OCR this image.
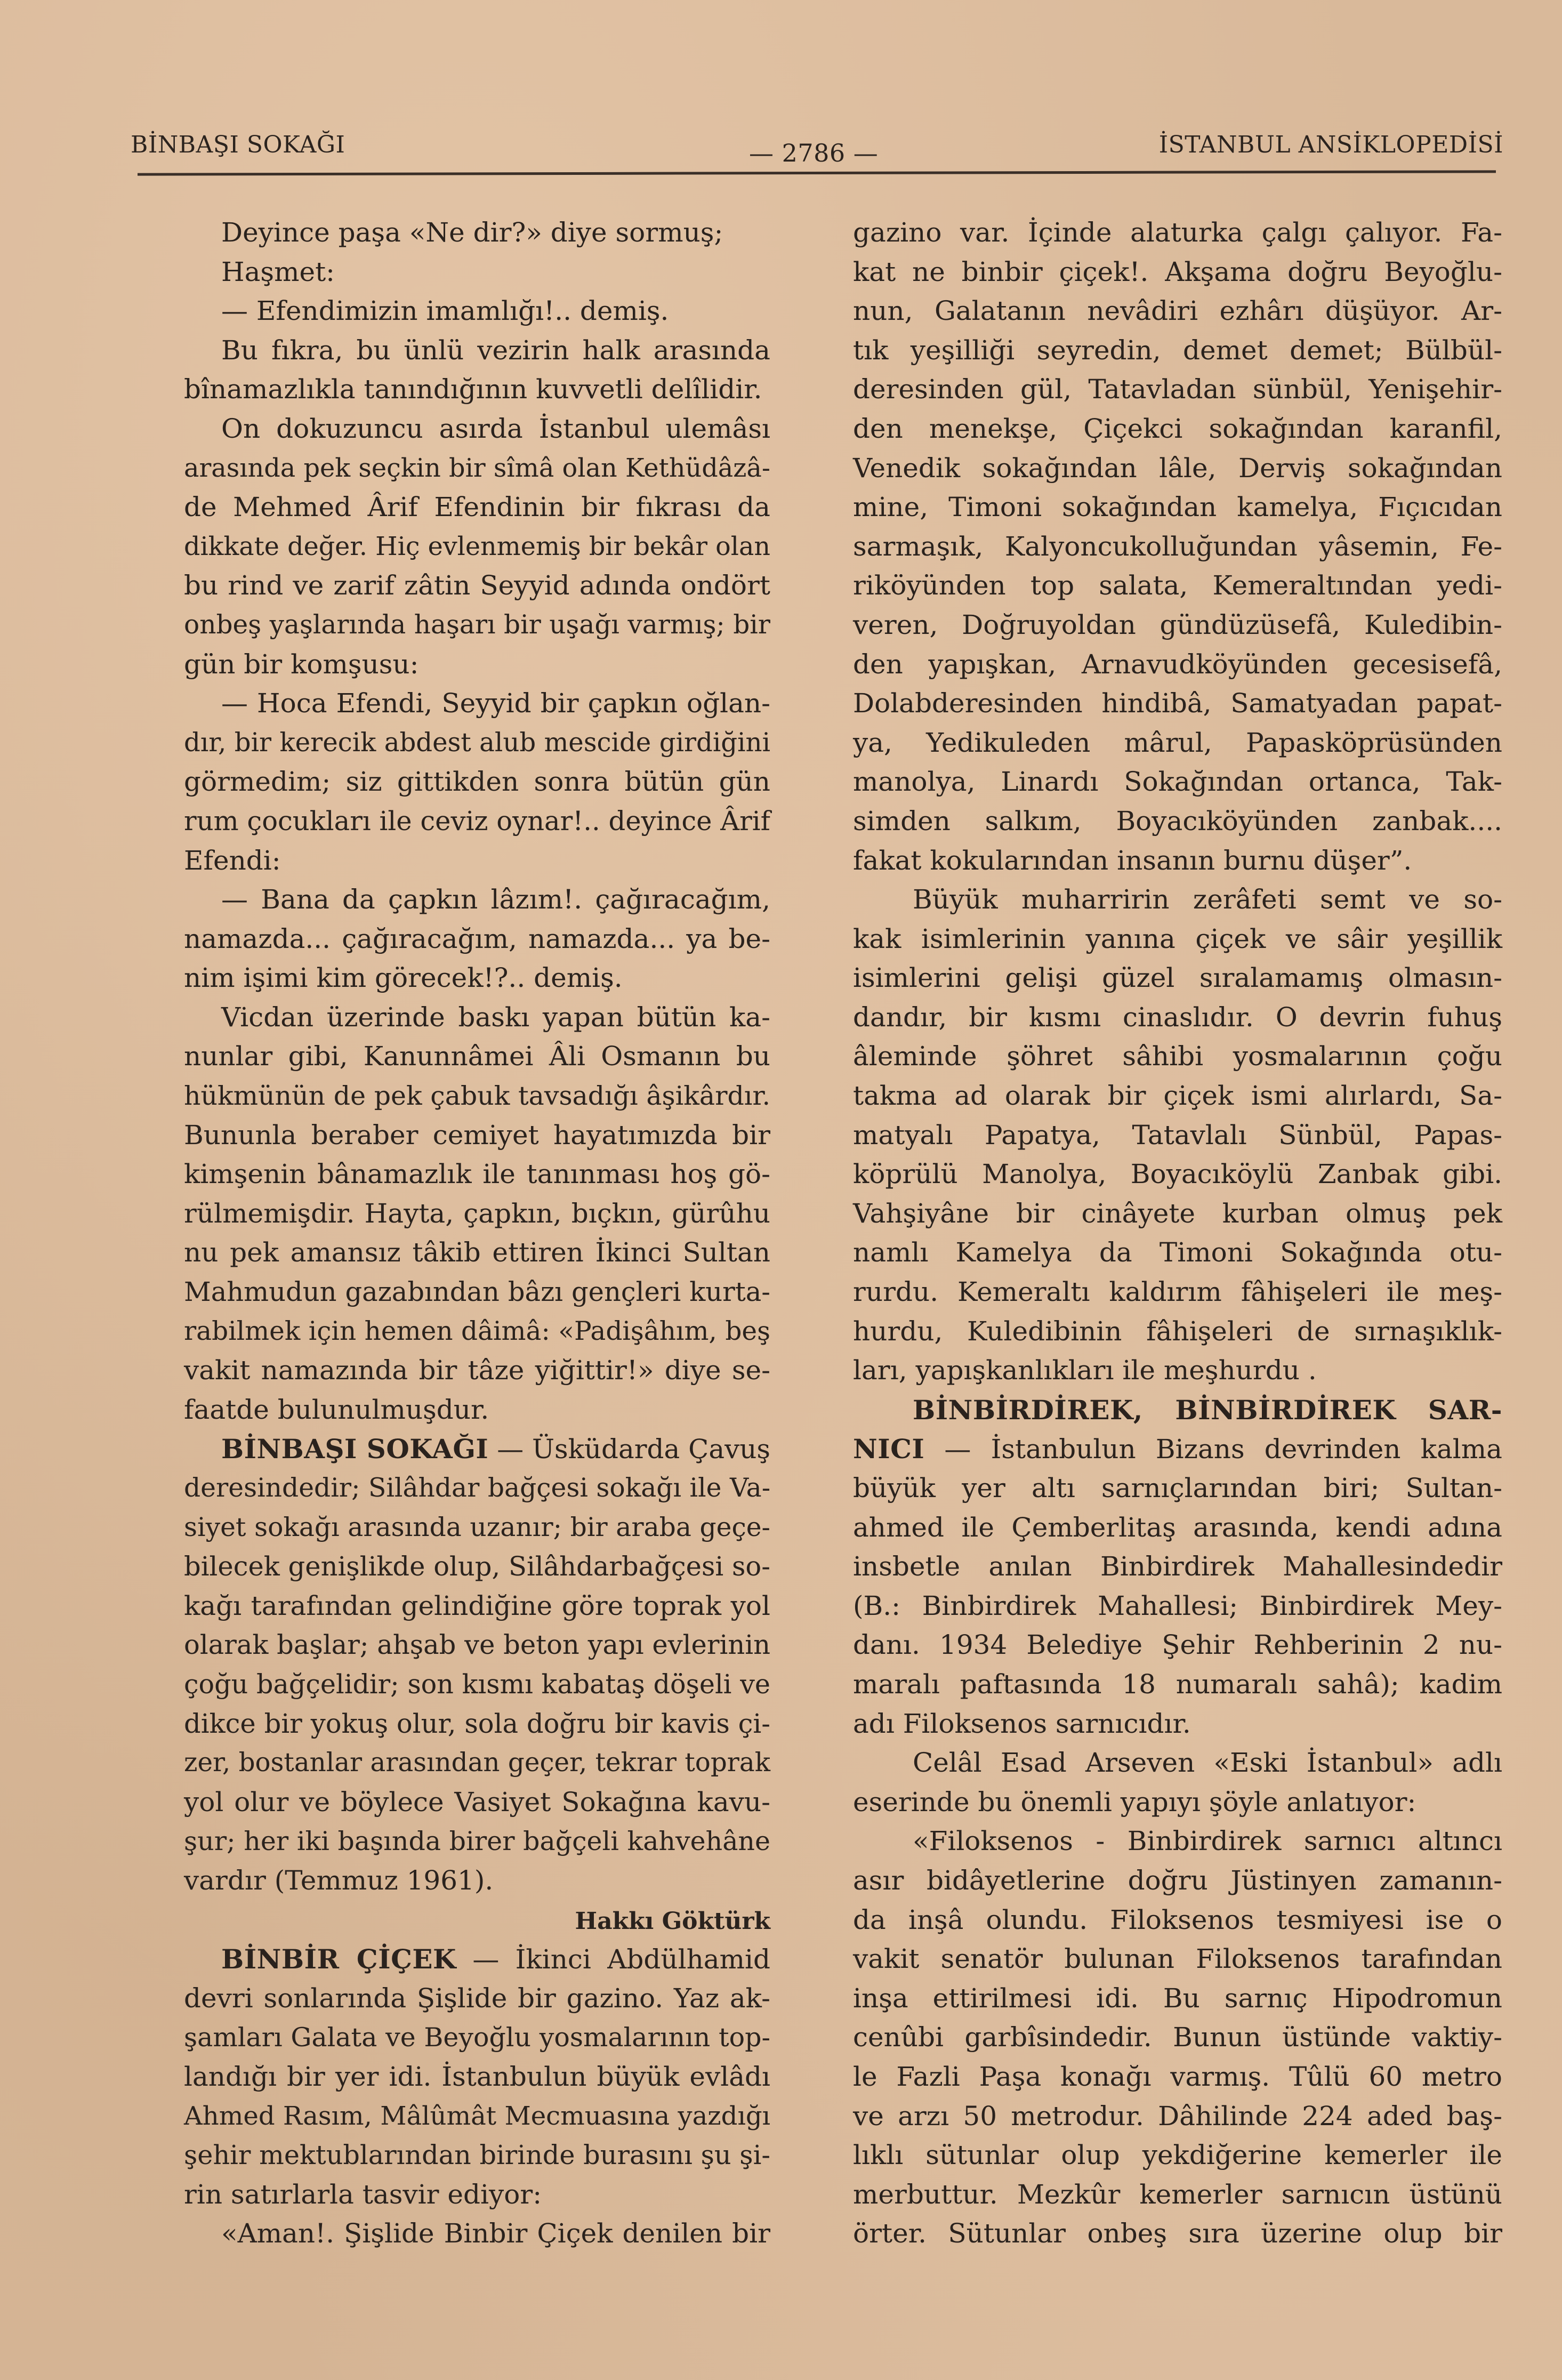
BİNBAŞI SOKAĞI	— 2786 —	İSTANBUL ANSİKLOPEDİSİ
Deyince paşa «Ne dir?» diye sormuş;
Haşmet:
— Efendimizin imamlığı!.. demiş.
Bu fıkra, bu ünlü vezirin halk arasında
bînamazlıkla tanındığının kuvvetli delîlidir.
On dokuzuncu asırda İstanbul ulemâsı
arasında pek seçkin bir sîmâ olan Kethüdâzâ-
de Mehmed Ârif Efendinin bir fıkrası da
dikkate değer. Hiç evlenmemiş bir bekâr olan
bu rind ve zarif zâtin Seyyid adında ondört
onbeş yaşlarında haşarı bir uşağı varmış; bir
gün bir komşusu:
— Hoca Efendi, Seyyid bir çapkın oğlan-
dır, bir kerecik abdest alub mescide girdiğini
görmedim; siz gittikden sonra bütün gün
rum çocukları ile ceviz oynar!.. deyince Ârif
Efendi:
— Bana da çapkın lâzım!. çağıracağım,
namazda... çağıracağım, namazda... ya be-
nim işimi kim görecek!?.. demiş.
Vicdan üzerinde baskı yapan bütün ka-
nunlar gibi, Kanunnâmei Âli Osmanın bu
hükmünün de pek çabuk tavsadığı âşikârdır.
Bununla beraber cemiyet hayatımızda bir
kimşenin bânamazlık ile tanınması hoş gö-
rülmemişdir. Hayta, çapkın, bıçkın, gürûhu
nu pek amansız tâkib ettiren İkinci Sultan
Mahmudun gazabından bâzı gençleri kurta-
rabilmek için hemen dâimâ: «Padişâhım, beş
vakit namazında bir tâze yiğittir!» diye se-
faatde bulunulmuşdur.
BİNBAŞI SOKAĞI — Üsküdarda Çavuş
deresindedir; Silâhdar bağçesi sokağı ile Va-
siyet sokağı arasında uzanır; bir araba geçe-
bilecek genişlikde olup, Silâhdarbağçesi so-
kağı tarafından gelindiğine göre toprak yol
olarak başlar; ahşab ve beton yapı evlerinin
çoğu bağçelidir; son kısmı kabataş döşeli ve
dikce bir yokuş olur, sola doğru bir kavis çi-
zer, bostanlar arasından geçer, tekrar toprak
yol olur ve böylece Vasiyet Sokağına kavu-
şur; her iki başında birer bağçeli kahvehâne
vardır (Temmuz 1961).
Hakkı Göktürk
BİNBİR ÇİÇEK — İkinci Abdülhamid
devri sonlarında Şişlide bir gazino. Yaz ak-
şamları Galata ve Beyoğlu yosmalarının top-
landığı bir yer idi. İstanbulun büyük evlâdı
Ahmed Rasım, Mâlûmât Mecmuasına yazdığı
şehir mektublarından birinde burasını şu şi-
rin satırlarla tasvir ediyor:
«Aman!. Şişlide Binbir Çiçek denilen bir
gazino var. İçinde alaturka çalgı çalıyor. Fa-
kat ne binbir çiçek!. Akşama doğru Beyoğlu-
nun, Galatanın nevâdiri ezhârı düşüyor. Ar-
tık yeşilliği seyredin, demet demet; Bülbül-
deresinden gül, Tatavladan sünbül, Yenişehir-
den menekşe, Çiçekci sokağından karanfil,
Venedik sokağından lâle, Derviş sokağından
mine, Timoni sokağından kamelya, Fıçıcıdan
sarmaşık, Kalyoncukolluğundan yâsemin, Fe-
riköyünden top salata, Kemeraltından yedi-
veren, Doğruyoldan gündüzüsefâ, Kuledibin-
den yapışkan, Arnavudköyünden gecesisefâ,
Dolabderesinden hindibâ, Samatyadan papat-
ya, Yedikuleden mârul, Papasköprüsünden
manolya, Linardı Sokağından ortanca, Tak-
simden salkım, Boyacıköyünden zanbak....
fakat kokularından insanın burnu düşer”.
Büyük muharririn zerâfeti semt ve so-
kak isimlerinin yanına çiçek ve sâir yeşillik
isimlerini gelişi güzel sıralamamış olmasın-
dandır, bir kısmı cinaslıdır. O devrin fuhuş
âleminde şöhret sâhibi yosmalarının çoğu
takma ad olarak bir çiçek ismi alırlardı, Sa-
matyalı Papatya, Tatavlalı Sünbül, Papas-
köprülü Manolya, Boyacıköylü Zanbak gibi.
Vahşiyâne bir cinâyete kurban olmuş pek
namlı Kamelya da Timoni Sokağında otu-
rurdu. Kemeraltı kaldırım fâhişeleri ile meş-
hurdu, Kuledibinin fâhişeleri de sırnaşıklık-
ları, yapışkanlıkları ile meşhurdu .
BİNBİRDİREK, BİNBİRDİREK SAR-
NICI — İstanbulun Bizans devrinden kalma
büyük yer altı sarnıçlarından biri; Sultan-
ahmed ile Çemberlitaş arasında, kendi adına
insbetle anılan Binbirdirek Mahallesindedir
(B.: Binbirdirek Mahallesi; Binbirdirek Mey-
danı. 1934 Belediye Şehir Rehberinin 2 nu-
maralı paftasında 18 numaralı sahâ); kadim
adı Filoksenos sarnıcıdır.
Celâl Esad Arseven «Eski İstanbul» adlı
eserinde bu önemli yapıyı şöyle anlatıyor:
«Filoksenos - Binbirdirek sarnıcı altıncı
asır bidâyetlerine doğru Jüstinyen zamanın-
da inşâ olundu. Filoksenos tesmiyesi ise o
vakit senatör bulunan Filoksenos tarafından
inşa ettirilmesi idi. Bu sarnıç Hipodromun
cenûbi garbîsindedir. Bunun üstünde vaktiy-
le Fazli Paşa konağı varmış. Tûlü 60 metro
ve arzı 50 metrodur. Dâhilinde 224 aded baş-
lıklı sütunlar olup yekdiğerine kemerler ile
merbuttur. Mezkûr kemerler sarnıcın üstünü
örter. Sütunlar onbeş sıra üzerine olup bir
